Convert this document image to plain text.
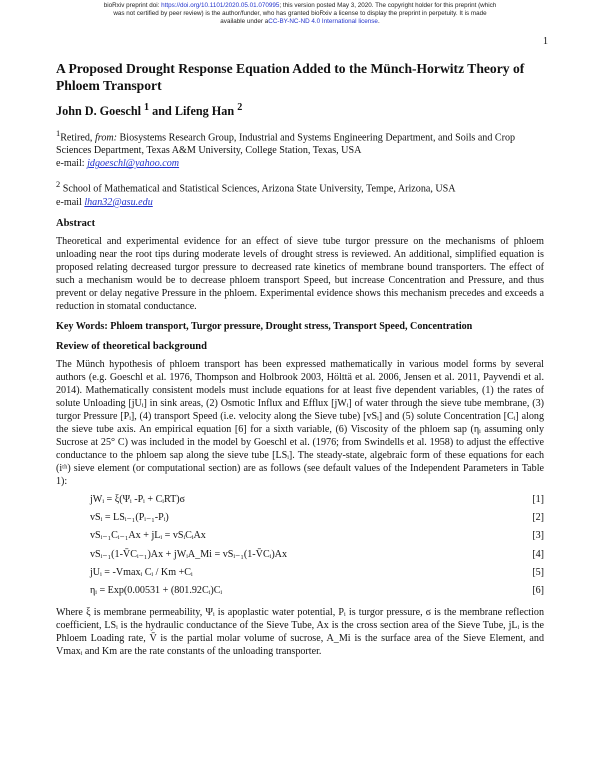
bioRxiv preprint doi: https://doi.org/10.1101/2020.05.01.070995; this version posted May 3, 2020. The copyright holder for this preprint (which
was not certified by peer review) is the author/funder, who has granted bioRxiv a license to display the preprint in perpetuity. It is made
available under aCC-BY-NC-ND 4.0 International license.
1
A Proposed Drought Response Equation Added to the Münch-Horwitz Theory of Phloem Transport
John D. Goeschl $^1$ and Lifeng Han $^2$

$^1$Retired, from: Biosystems Research Group, Industrial and Systems Engineering Department, and Soils and Crop Sciences Department, Texas A&M University, College Station, Texas, USA
e-mail: jdgoeschl@yahoo.com

$^2$ School of Mathematical and Statistical Sciences, Arizona State University, Tempe, Arizona, USA
e-mail lhan32@asu.edu

Abstract

Theoretical and experimental evidence for an effect of sieve tube turgor pressure on the mechanisms of phloem unloading near the root tips during moderate levels of drought stress is reviewed. An additional, simplified equation is proposed relating decreased turgor pressure to decreased rate kinetics of membrane bound transporters. The effect of such a mechanism would be to decrease phloem transport Speed, but increase Concentration and Pressure, and thus prevent or delay negative Pressure in the phloem. Experimental evidence shows this mechanism precedes and exceeds a reduction in stomatal conductance.

Key Words: Phloem transport, Turgor pressure, Drought stress, Transport Speed, Concentration
Review of theoretical background

The Münch hypothesis of phloem transport has been expressed mathematically in various model forms by several authors (e.g. Goeschl et al. 1976, Thompson and Holbrook 2003, Hölttä et al. 2006, Jensen et al. 2011, Payvendi et al. 2014). Mathematically consistent models must include equations for at least five dependent variables, (1) the rates of solute Unloading [jUᵢ] in sink areas, (2) Osmotic Influx and Efflux [jWᵢ] of water through the sieve tube membrane, (3) turgor Pressure [Pᵢ], (4) transport Speed (i.e. velocity along the Sieve tube) [vSᵢ] and (5) solute Concentration [Cᵢ] along the sieve tube axis. An empirical equation [6] for a sixth variable, (6) Viscosity of the phloem sap (ηᵢ assuming only Sucrose at 25° C) was included in the model by Goeschl et al. (1976; from Swindells et al. 1958) to adjust the effective conductance to the phloem sap along the sieve tube [LSᵢ]. The steady-state, algebraic form of these equations for each (iᵗʰ) sieve element (or computational section) are as follows (see default values of the Independent Parameters in Table 1):

jWᵢ = ξ(Ψᵢ -Pᵢ + CᵢRT)ϭ	[1]
vSᵢ = LSᵢ₋₁(Pᵢ₋₁-Pᵢ)	[2]
vSᵢ₋₁Cᵢ₋₁Ax + jLᵢ = vSᵢCᵢAx	[3]
vSᵢ₋₁(1-V̄Cᵢ₋₁)Ax + jWᵢA_Mi = vSᵢ₋₁(1-V̄Cᵢ)Ax	[4]
jUᵢ = -Vmaxᵢ Cᵢ / Km +Cᵢ	[5]
ηᵢ = Exp(0.00531 + (801.92Cᵢ)Cᵢ	[6]

Where ξ is membrane permeability, Ψᵢ is apoplastic water potential, Pᵢ is turgor pressure, ϭ is the membrane reflection coefficient, LSᵢ is the hydraulic conductance of the Sieve Tube, Ax is the cross section area of the Sieve Tube, jLᵢ is the Phloem Loading rate, V̄ is the partial molar volume of sucrose, A_Mi is the surface area of the Sieve Element, and Vmaxᵢ and Km are the rate constants of the unloading transporter.
